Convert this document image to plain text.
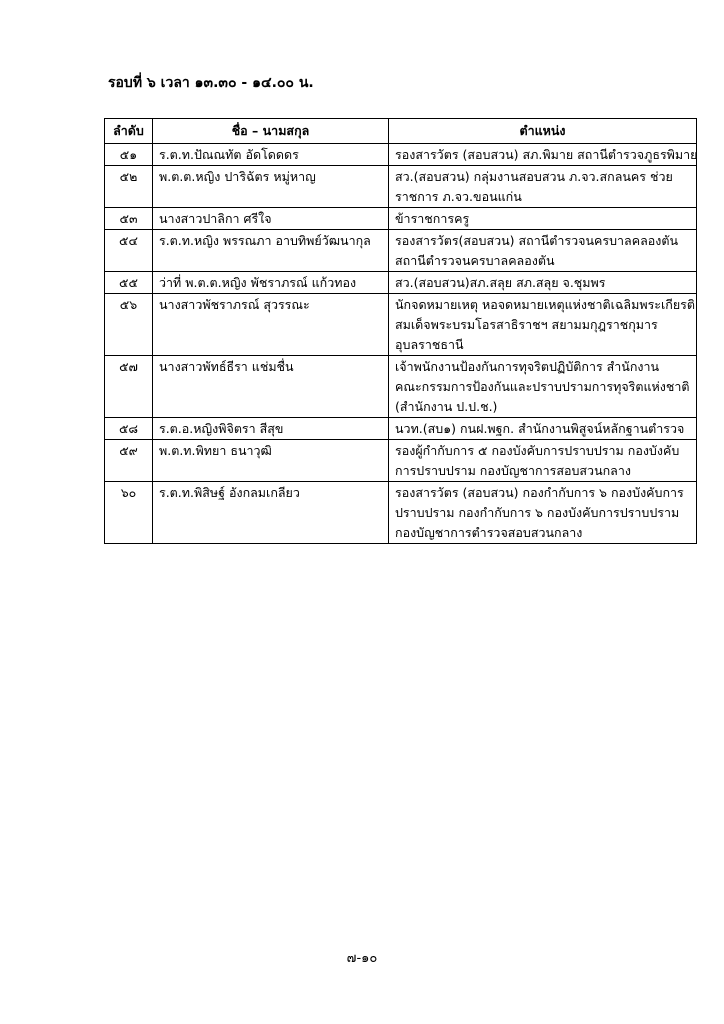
รอบที่ ๖ เวลา ๑๓.๓๐ - ๑๔.๐๐ น.
ลำดับ	ชื่อ – นามสกุล	ตำแหน่ง
๕๑	ร.ต.ท.ปัณณทัต อัดโดดดร	รองสารวัตร (สอบสวน) สภ.พิมาย สถานีตำรวจภูธรพิมาย

๕๒	พ.ต.ต.หญิง ปาริฉัตร หมู่หาญ	สว.(สอบสวน) กลุ่มงานสอบสวน ภ.จว.สกลนคร ช่วย
ราชการ ภ.จว.ขอนแก่น

๕๓	นางสาวปาลิกา ศรีใจ	ข้าราชการครู

๕๔	ร.ต.ท.หญิง พรรณภา อาบทิพย์วัฒนากุล	รองสารวัตร(สอบสวน) สถานีตำรวจนครบาลคลองตัน
สถานีตำรวจนครบาลคลองตัน

๕๕	ว่าที่ พ.ต.ต.หญิง พัชราภรณ์ แก้วทอง	สว.(สอบสวน)สภ.สลุย สภ.สลุย จ.ชุมพร

๕๖	นางสาวพัชราภรณ์ สุวรรณะ	นักจดหมายเหตุ หอจดหมายเหตุแห่งชาติเฉลิมพระเกียรติ
สมเด็จพระบรมโอรสาธิราชฯ สยามมกุฎราชกุมาร
อุบลราชธานี

๕๗	นางสาวพัทธ์ธีรา แช่มชื่น	เจ้าพนักงานป้องกันการทุจริตปฏิบัติการ สำนักงาน
คณะกรรมการป้องกันและปราบปรามการทุจริตแห่งชาติ
(สำนักงาน ป.ป.ช.)

๕๘	ร.ต.อ.หญิงพิจิตรา สีสุข	นวท.(สบ๑) กนฝ.พฐก. สำนักงานพิสูจน์หลักฐานตำรวจ

๕๙	พ.ต.ท.พิทยา ธนาวุฒิ	รองผู้กำกับการ ๕ กองบังคับการปราบปราม กองบังคับ
การปราบปราม กองบัญชาการสอบสวนกลาง

๖๐	ร.ต.ท.พิสิษฐ์ อังกลมเกลียว	รองสารวัตร (สอบสวน) กองกำกับการ ๖ กองบังคับการ
ปราบปราม กองกำกับการ ๖ กองบังคับการปราบปราม
กองบัญชาการตำรวจสอบสวนกลาง
๗-๑๐
